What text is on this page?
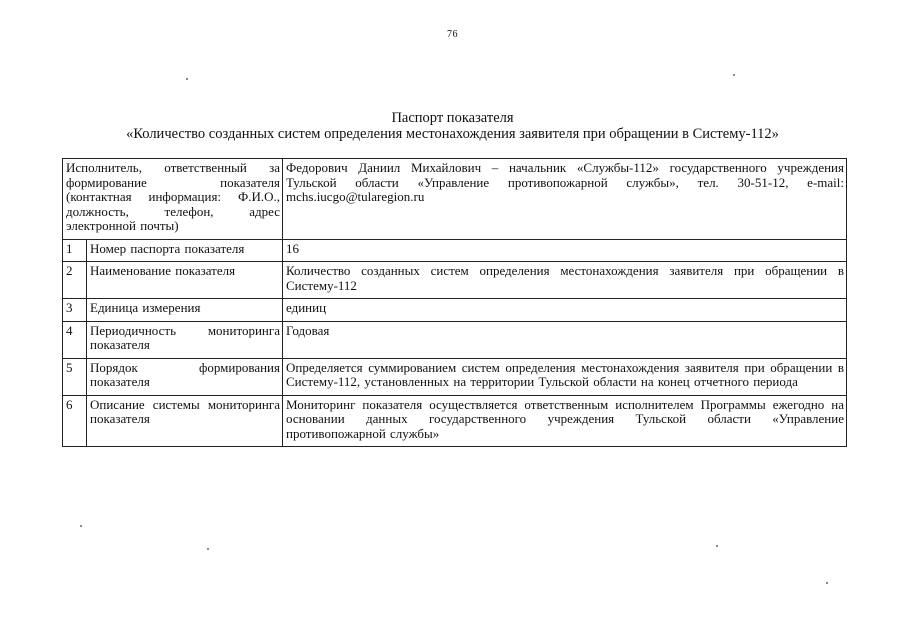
76
Паспорт показателя
«Количество созданных систем определения местонахождения заявителя при обращении в Систему-112»
Исполнитель, ответственный за формирование показателя (контактная информация: Ф.И.О., должность, телефон, адрес электронной почты)		Федорович Даниил Михайлович – начальник «Службы-112» государственного учреждения Тульской области «Управление противопожарной службы», тел. 30-51-12, e-mail: mchs.iucgo@tularegion.ru
1	Номер паспорта показателя	16
2	Наименование показателя	Количество созданных систем определения местонахождения заявителя при обращении в Систему-112
3	Единица измерения	единиц
4	Периодичность мониторинга показателя	Годовая
5	Порядок формирования показателя	Определяется суммированием систем определения местонахождения заявителя при обращении в Систему-112, установленных на территории Тульской области на конец отчетного периода
6	Описание системы мониторинга показателя	Мониторинг показателя осуществляется ответственным исполнителем Программы ежегодно на основании данных государственного учреждения Тульской области «Управление противопожарной службы»
